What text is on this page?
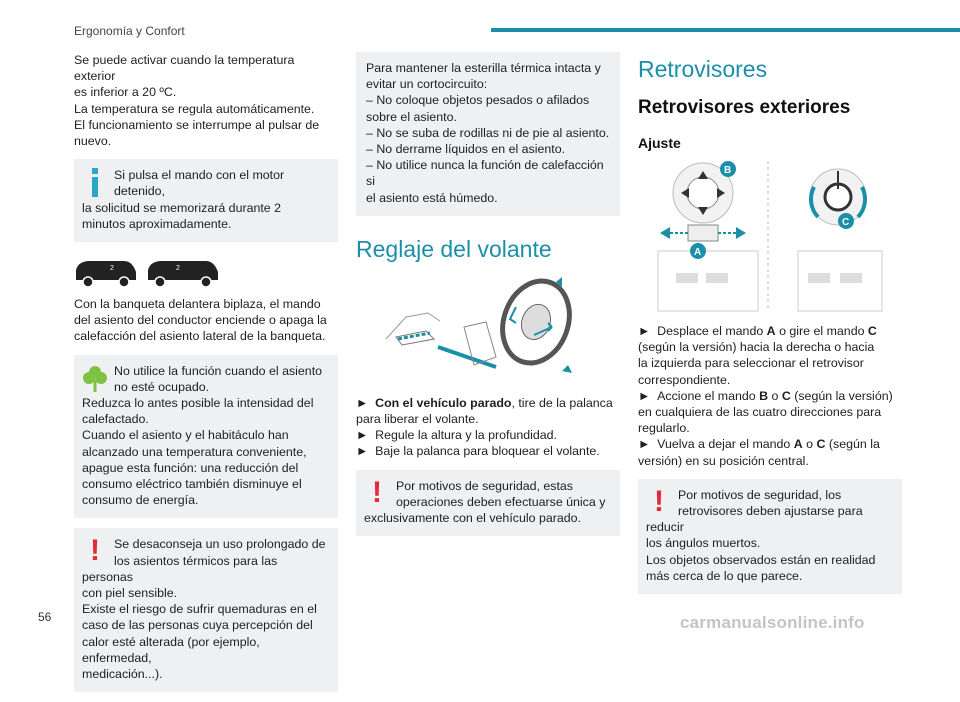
Ergonomía y Confort

Se puede activar cuando la temperatura exterior
es inferior a 20 ºC.
La temperatura se regula automáticamente.
El funcionamiento se interrumpe al pulsar de
nuevo.

Si pulsa el mando con el motor detenido,
la solicitud se memorizará durante 2
minutos aproximadamente.
2	2

Con la banqueta delantera biplaza, el mando
del asiento del conductor enciende o apaga la
calefacción del asiento lateral de la banqueta.

No utilice la función cuando el asiento
no esté ocupado.
Reduzca lo antes posible la intensidad del
calefactado.
Cuando el asiento y el habitáculo han
alcanzado una temperatura conveniente,
apague esta función: una reducción del
consumo eléctrico también disminuye el
consumo de energía.
!	Se desaconseja un uso prolongado de
los asientos térmicos para las personas
con piel sensible.
Existe el riesgo de sufrir quemaduras en el
caso de las personas cuya percepción del
calor esté alterada (por ejemplo, enfermedad,
medicación...).
Para mantener la esterilla térmica intacta y
evitar un cortocircuito:
– No coloque objetos pesados o afilados
sobre el asiento.
– No se suba de rodillas ni de pie al asiento.
– No derrame líquidos en el asiento.
– No utilice nunca la función de calefacción si
el asiento está húmedo.
Reglaje del volante

► Con el vehículo parado, tire de la palanca
para liberar el volante.
► Regule la altura y la profundidad.
► Baje la palanca para bloquear el volante.

!	Por motivos de seguridad, estas
operaciones deben efectuarse única y
exclusivamente con el vehículo parado.
Retrovisores
Retrovisores exteriores
Ajuste
B
A
C

► Desplace el mando A o gire el mando C
(según la versión) hacia la derecha o hacia
la izquierda para seleccionar el retrovisor
correspondiente.
► Accione el mando B o C (según la versión)
en cualquiera de las cuatro direcciones para
regularlo.
► Vuelva a dejar el mando A o C (según la
versión) en su posición central.

!	Por motivos de seguridad, los
retrovisores deben ajustarse para reducir
los ángulos muertos.
Los objetos observados están en realidad
más cerca de lo que parece.
56	carmanualsonline.info
